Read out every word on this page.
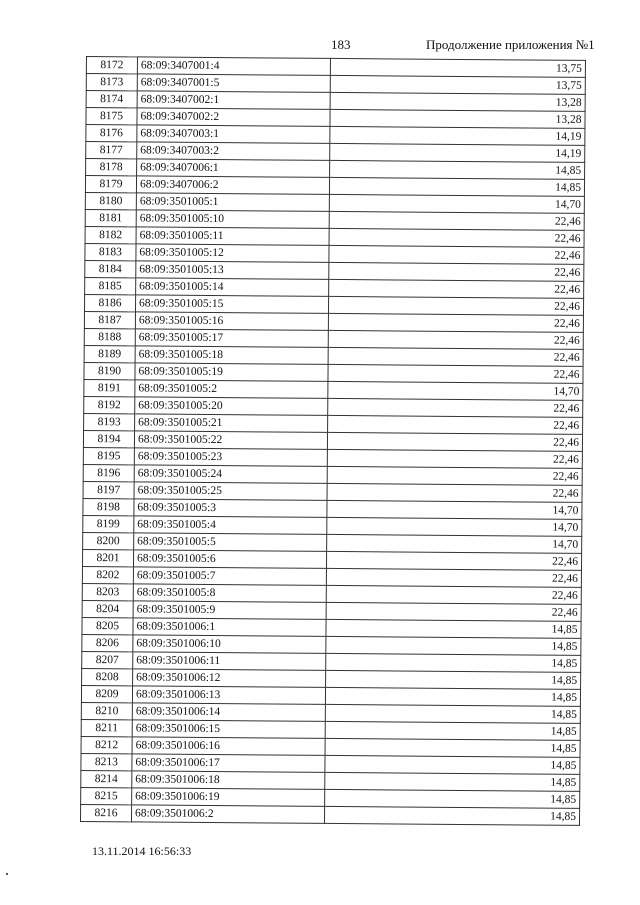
183	Продолжение приложения №1
8172	68:09:3407001:4	13,75
8173	68:09:3407001:5	13,75
8174	68:09:3407002:1	13,28
8175	68:09:3407002:2	13,28
8176	68:09:3407003:1	14,19
8177	68:09:3407003:2	14,19
8178	68:09:3407006:1	14,85
8179	68:09:3407006:2	14,85
8180	68:09:3501005:1	14,70
8181	68:09:3501005:10	22,46
8182	68:09:3501005:11	22,46
8183	68:09:3501005:12	22,46
8184	68:09:3501005:13	22,46
8185	68:09:3501005:14	22,46
8186	68:09:3501005:15	22,46
8187	68:09:3501005:16	22,46
8188	68:09:3501005:17	22,46
8189	68:09:3501005:18	22,46
8190	68:09:3501005:19	22,46
8191	68:09:3501005:2	14,70
8192	68:09:3501005:20	22,46
8193	68:09:3501005:21	22,46
8194	68:09:3501005:22	22,46
8195	68:09:3501005:23	22,46
8196	68:09:3501005:24	22,46
8197	68:09:3501005:25	22,46
8198	68:09:3501005:3	14,70
8199	68:09:3501005:4	14,70
8200	68:09:3501005:5	14,70
8201	68:09:3501005:6	22,46
8202	68:09:3501005:7	22,46
8203	68:09:3501005:8	22,46
8204	68:09:3501005:9	22,46
8205	68:09:3501006:1	14,85
8206	68:09:3501006:10	14,85
8207	68:09:3501006:11	14,85
8208	68:09:3501006:12	14,85
8209	68:09:3501006:13	14,85
8210	68:09:3501006:14	14,85
8211	68:09:3501006:15	14,85
8212	68:09:3501006:16	14,85
8213	68:09:3501006:17	14,85
8214	68:09:3501006:18	14,85
8215	68:09:3501006:19	14,85
8216	68:09:3501006:2	14,85
13.11.2014 16:56:33
